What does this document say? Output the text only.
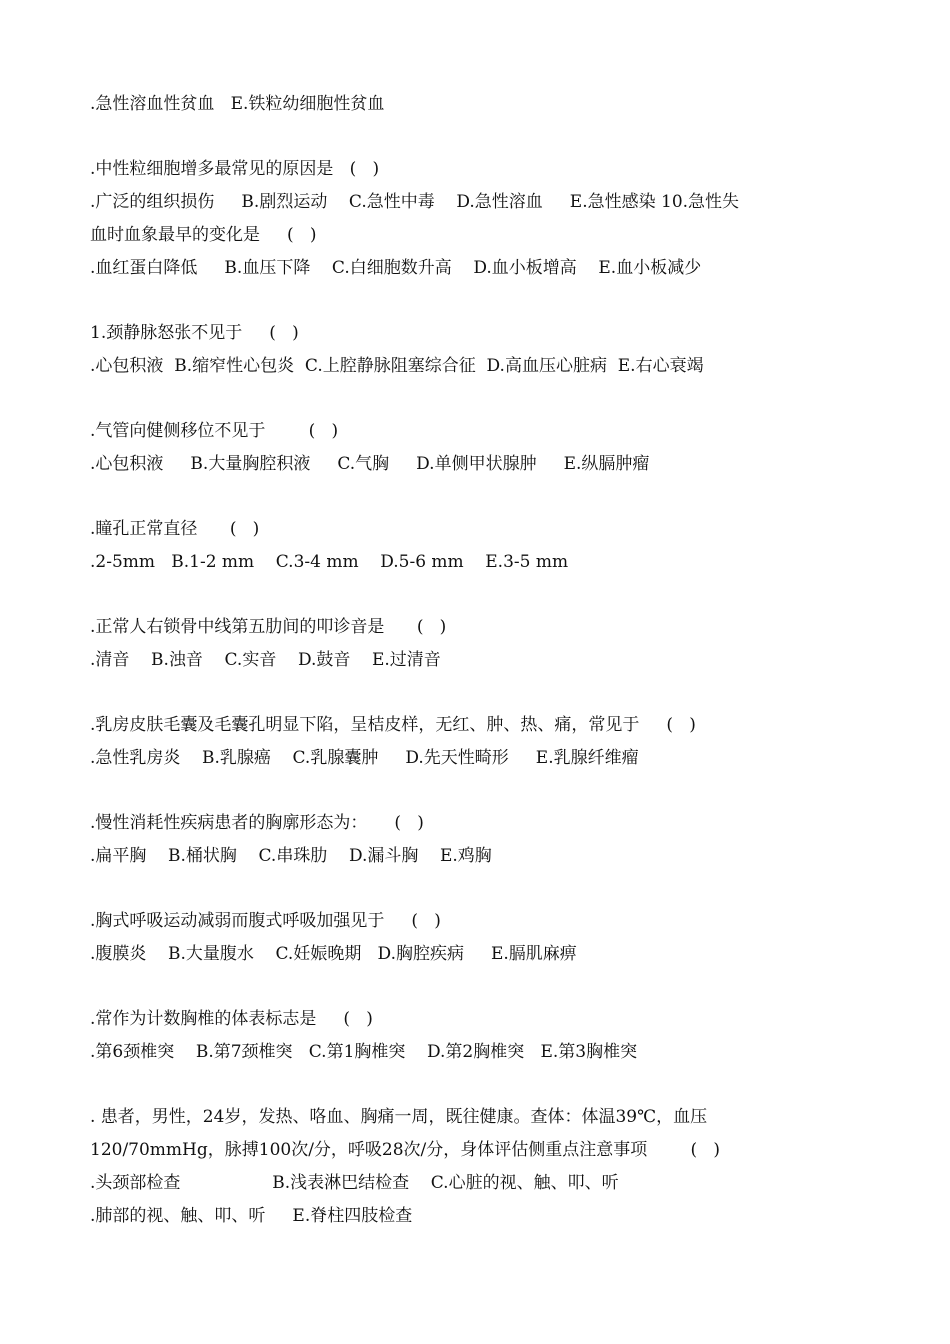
.急性溶血性贫血   E.铁粒幼细胞性贫血
.中性粒细胞增多最常见的原因是   (   )
.广泛的组织损伤     B.剧烈运动    C.急性中毒    D.急性溶血     E.急性感染 10.急性失
血时血象最早的变化是     (   )
.血红蛋白降低     B.血压下降    C.白细胞数升高    D.血小板增高    E.血小板减少
1.颈静脉怒张不见于     (   )
.心包积液  B.缩窄性心包炎  C.上腔静脉阻塞综合征  D.高血压心脏病  E.右心衰竭
.气管向健侧移位不见于        (   )
.心包积液     B.大量胸腔积液     C.气胸     D.单侧甲状腺肿     E.纵膈肿瘤
.瞳孔正常直径      (   )
.2-5mm   B.1-2 mm    C.3-4 mm    D.5-6 mm    E.3-5 mm
.正常人右锁骨中线第五肋间的叩诊音是      (   )
.清音    B.浊音    C.实音    D.鼓音    E.过清音
.乳房皮肤毛囊及毛囊孔明显下陷，呈桔皮样，无红、肿、热、痛，常见于     (   )
.急性乳房炎    B.乳腺癌    C.乳腺囊肿     D.先天性畸形     E.乳腺纤维瘤
.慢性消耗性疾病患者的胸廓形态为：     (   )
.扁平胸    B.桶状胸    C.串珠肋    D.漏斗胸    E.鸡胸
.胸式呼吸运动减弱而腹式呼吸加强见于     (   )
.腹膜炎    B.大量腹水    C.妊娠晚期   D.胸腔疾病     E.膈肌麻痹
.常作为计数胸椎的体表标志是     (   )
.第6颈椎突    B.第7颈椎突   C.第1胸椎突    D.第2胸椎突   E.第3胸椎突
. 患者，男性，24岁，发热、咯血、胸痛一周，既往健康。查体：体温39℃，血压
120/70mmHg，脉搏100次/分，呼吸28次/分，身体评估侧重点注意事项        (   )
.头颈部检查                 B.浅表淋巴结检查    C.心脏的视、触、叩、听
.肺部的视、触、叩、听     E.脊柱四肢检查
